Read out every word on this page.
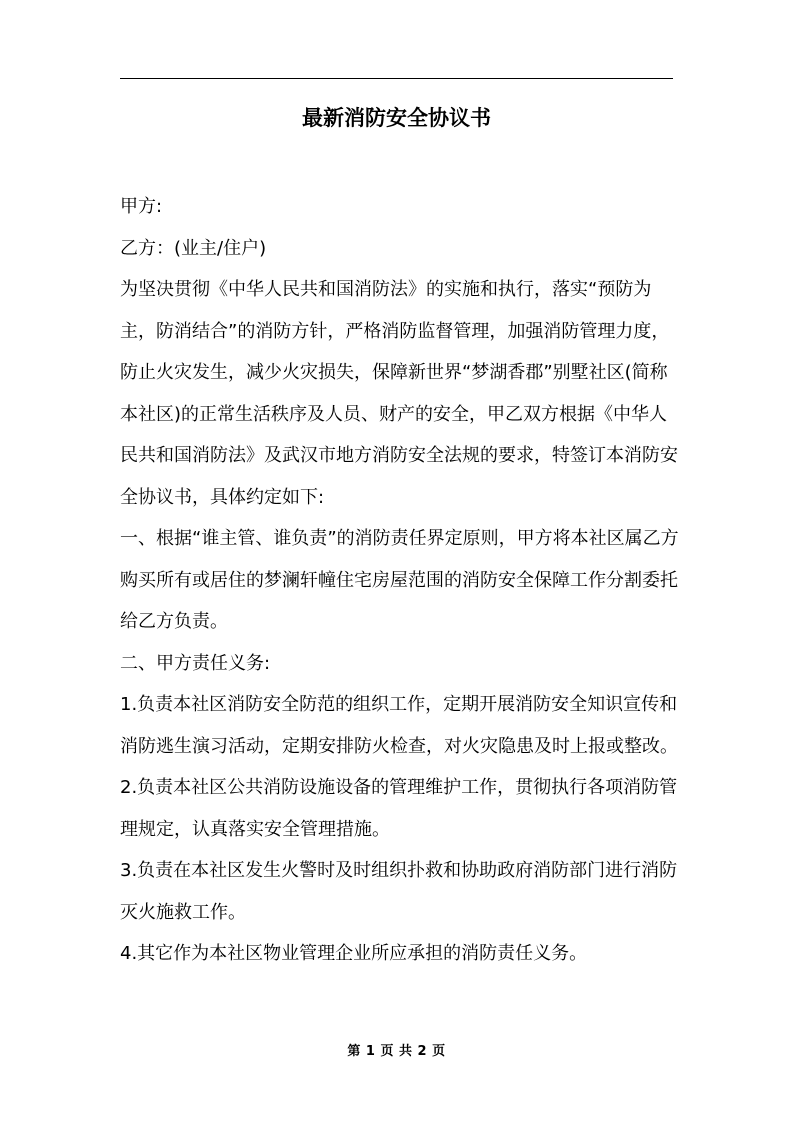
最新消防安全协议书

甲方:

乙方：(业主/住户)

为坚决贯彻《中华人民共和国消防法》的实施和执行，落实“预防为主，防消结合”的消防方针，严格消防监督管理，加强消防管理力度，防止火灾发生，减少火灾损失，保障新世界“梦湖香郡”别墅社区(简称本社区)的正常生活秩序及人员、财产的安全，甲乙双方根据《中华人民共和国消防法》及武汉市地方消防安全法规的要求，特签订本消防安全协议书，具体约定如下:

一、根据“谁主管、谁负责”的消防责任界定原则，甲方将本社区属乙方购买所有或居住的梦澜轩幢住宅房屋范围的消防安全保障工作分割委托给乙方负责。

二、甲方责任义务:

1.负责本社区消防安全防范的组织工作，定期开展消防安全知识宣传和消防逃生演习活动，定期安排防火检查，对火灾隐患及时上报或整改。

2.负责本社区公共消防设施设备的管理维护工作，贯彻执行各项消防管理规定，认真落实安全管理措施。

3.负责在本社区发生火警时及时组织扑救和协助政府消防部门进行消防灭火施救工作。

4.其它作为本社区物业管理企业所应承担的消防责任义务。

第 1 页 共 2 页
